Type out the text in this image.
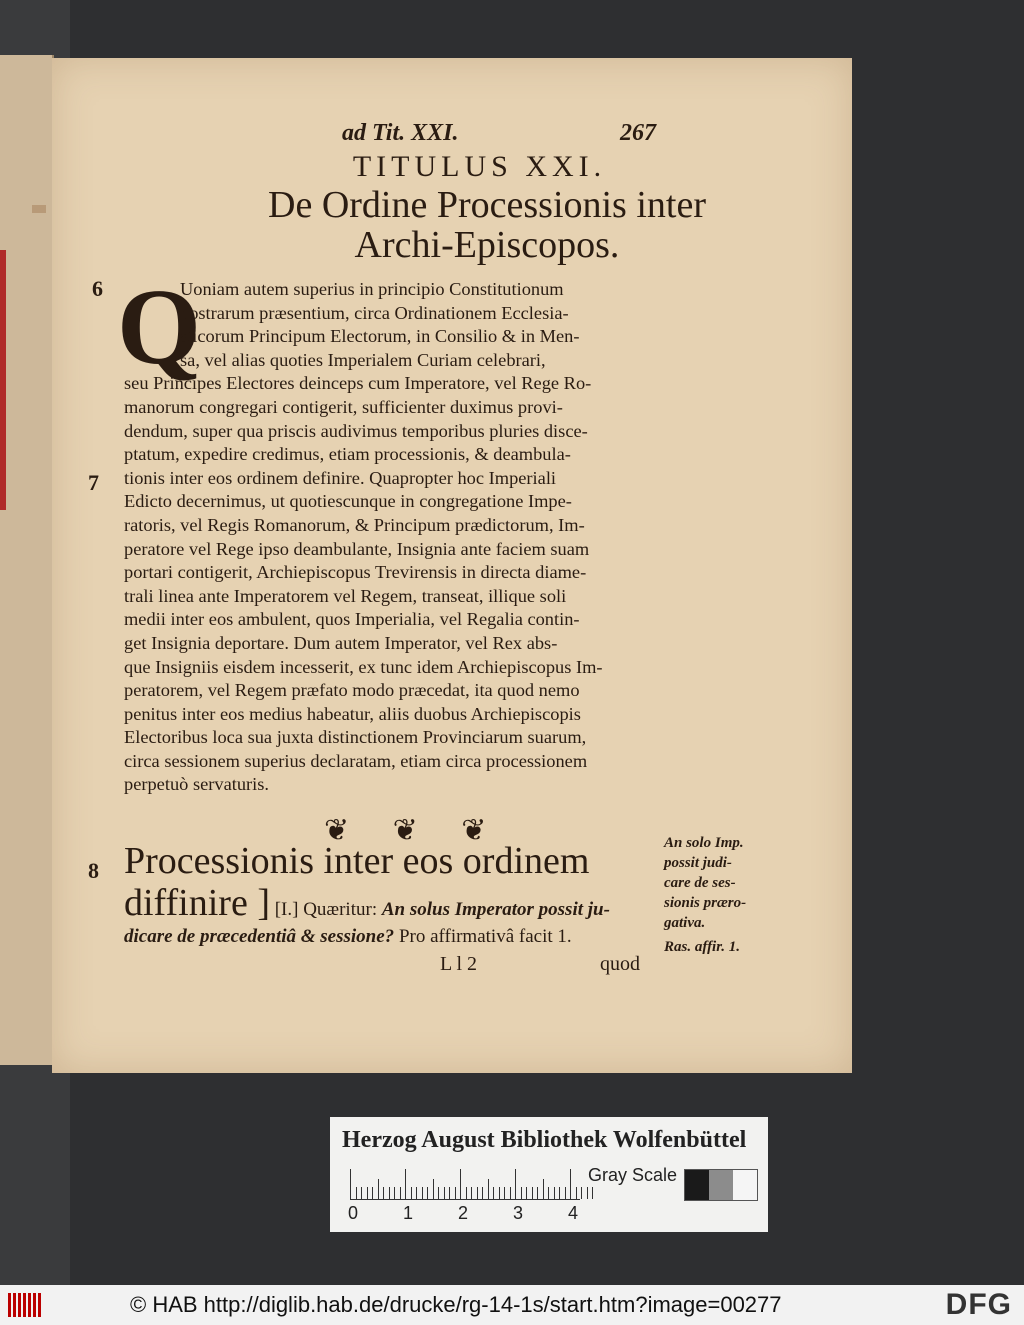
ad Tit. XXI.	267
TITULUS XXI.
De Ordine Processionis inter
Archi-Episcopos.
6
7
8
Q
Uoniam autem superius in principio Constitutionum
nostrarum præsentium, circa Ordinationem Ecclesia-
sticorum Principum Electorum, in Consilio & in Men-
sa, vel alias quoties Imperialem Curiam celebrari,
seu Principes Electores deinceps cum Imperatore, vel Rege Ro-
manorum congregari contigerit, sufficienter duximus provi-
dendum, super qua priscis audivimus temporibus pluries disce-
ptatum, expedire credimus, etiam processionis, & deambula-
tionis inter eos ordinem definire. Quapropter hoc Imperiali
Edicto decernimus, ut quotiescunque in congregatione Impe-
ratoris, vel Regis Romanorum, & Principum prædictorum, Im-
peratore vel Rege ipso deambulante, Insignia ante faciem suam
portari contigerit, Archiepiscopus Trevirensis in directa diame-
trali linea ante Imperatorem vel Regem, transeat, illique soli
medii inter eos ambulent, quos Imperialia, vel Regalia contin-
get Insignia deportare. Dum autem Imperator, vel Rex abs-
que Insigniis eisdem incesserit, ex tunc idem Archiepiscopus Im-
peratorem, vel Regem præfato modo præcedat, ita quod nemo
penitus inter eos medius habeatur, aliis duobus Archiepiscopis
Electoribus loca sua juxta distinctionem Provinciarum suarum,
circa sessionem superius declaratam, etiam circa processionem
perpetuò servaturis.
❦ ❦ ❦
Processionis inter eos ordinem
diffinire ] [I.] Quæritur: An solus Imperator possit ju-
dicare de præcedentiâ & sessione? Pro affirmativâ facit 1.
An solo Imp.
possit judi-
care de ses-
sionis præro-
gativa.
Ras. affir. 1.
L l 2	quod
Herzog August Bibliothek Wolfenbüttel
0 1 2 3 4
Gray Scale
© HAB http://diglib.hab.de/drucke/rg-14-1s/start.htm?image=00277	DFG
